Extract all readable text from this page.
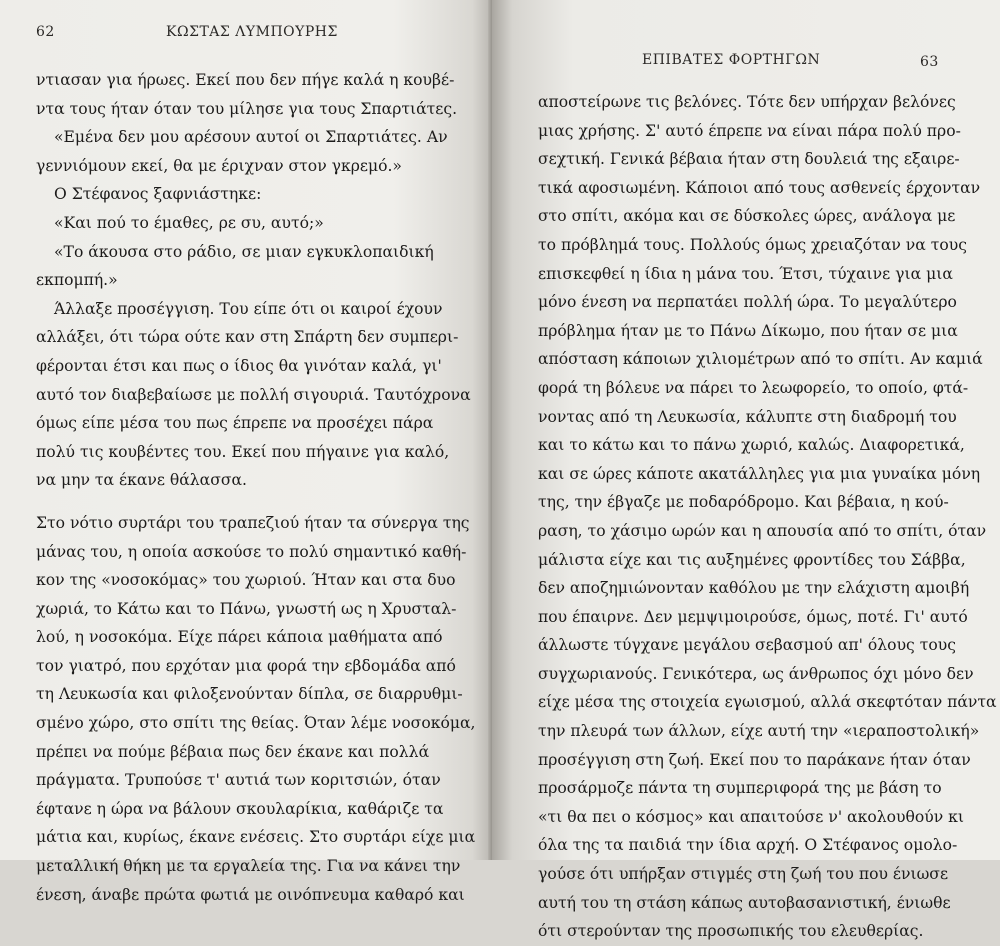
62	ΚΩΣΤΑΣ ΛΥΜΠΟΥΡΗΣ

ντιασαν για ήρωες. Εκεί που δεν πήγε καλά η κουβέ-

ντα τους ήταν όταν του μίλησε για τους Σπαρτιάτες.

«Εμένα δεν μου αρέσουν αυτοί οι Σπαρτιάτες. Αν

γεννιόμουν εκεί, θα με έριχναν στον γκρεμό.»

Ο Στέφανος ξαφνιάστηκε:

«Και πού το έμαθες, ρε συ, αυτό;»

«Το άκουσα στο ράδιο, σε μιαν εγκυκλοπαιδική

εκπομπή.»

Άλλαξε προσέγγιση. Του είπε ότι οι καιροί έχουν

αλλάξει, ότι τώρα ούτε καν στη Σπάρτη δεν συμπερι-

φέρονται έτσι και πως ο ίδιος θα γινόταν καλά, γι'

αυτό τον διαβεβαίωσε με πολλή σιγουριά. Ταυτόχρονα

όμως είπε μέσα του πως έπρεπε να προσέχει πάρα

πολύ τις κουβέντες του. Εκεί που πήγαινε για καλό,

να μην τα έκανε θάλασσα.

Στο νότιο συρτάρι του τραπεζιού ήταν τα σύνεργα της

μάνας του, η οποία ασκούσε το πολύ σημαντικό καθή-

κον της «νοσοκόμας» του χωριού. Ήταν και στα δυο

χωριά, το Κάτω και το Πάνω, γνωστή ως η Χρυσταλ-

λού, η νοσοκόμα. Είχε πάρει κάποια μαθήματα από

τον γιατρό, που ερχόταν μια φορά την εβδομάδα από

τη Λευκωσία και φιλοξενούνταν δίπλα, σε διαρρυθμι-

σμένο χώρο, στο σπίτι της θείας. Όταν λέμε νοσοκόμα,

πρέπει να πούμε βέβαια πως δεν έκανε και πολλά

πράγματα. Τρυπούσε τ' αυτιά των κοριτσιών, όταν

έφτανε η ώρα να βάλουν σκουλαρίκια, καθάριζε τα

μάτια και, κυρίως, έκανε ενέσεις. Στο συρτάρι είχε μια

μεταλλική θήκη με τα εργαλεία της. Για να κάνει την

ένεση, άναβε πρώτα φωτιά με οινόπνευμα καθαρό και

ΕΠΙΒΑΤΕΣ ΦΟΡΤΗΓΩΝ	63

αποστείρωνε τις βελόνες. Τότε δεν υπήρχαν βελόνες

μιας χρήσης. Σ' αυτό έπρεπε να είναι πάρα πολύ προ-

σεχτική. Γενικά βέβαια ήταν στη δουλειά της εξαιρε-

τικά αφοσιωμένη. Κάποιοι από τους ασθενείς έρχονταν

στο σπίτι, ακόμα και σε δύσκολες ώρες, ανάλογα με

το πρόβλημά τους. Πολλούς όμως χρειαζόταν να τους

επισκεφθεί η ίδια η μάνα του. Έτσι, τύχαινε για μια

μόνο ένεση να περπατάει πολλή ώρα. Το μεγαλύτερο

πρόβλημα ήταν με το Πάνω Δίκωμο, που ήταν σε μια

απόσταση κάποιων χιλιομέτρων από το σπίτι. Αν καμιά

φορά τη βόλευε να πάρει το λεωφορείο, το οποίο, φτά-

νοντας από τη Λευκωσία, κάλυπτε στη διαδρομή του

και το κάτω και το πάνω χωριό, καλώς. Διαφορετικά,

και σε ώρες κάποτε ακατάλληλες για μια γυναίκα μόνη

της, την έβγαζε με ποδαρόδρομο. Και βέβαια, η κού-

ραση, το χάσιμο ωρών και η απουσία από το σπίτι, όταν

μάλιστα είχε και τις αυξημένες φροντίδες του Σάββα,

δεν αποζημιώνονταν καθόλου με την ελάχιστη αμοιβή

που έπαιρνε. Δεν μεμψιμοιρούσε, όμως, ποτέ. Γι' αυτό

άλλωστε τύγχανε μεγάλου σεβασμού απ' όλους τους

συγχωριανούς. Γενικότερα, ως άνθρωπος όχι μόνο δεν

είχε μέσα της στοιχεία εγωισμού, αλλά σκεφτόταν πάντα

την πλευρά των άλλων, είχε αυτή την «ιεραποστολική»

προσέγγιση στη ζωή. Εκεί που το παράκανε ήταν όταν

προσάρμοζε πάντα τη συμπεριφορά της με βάση το

«τι θα πει ο κόσμος» και απαιτούσε ν' ακολουθούν κι

όλα της τα παιδιά την ίδια αρχή. Ο Στέφανος ομολο-

γούσε ότι υπήρξαν στιγμές στη ζωή του που ένιωσε

αυτή του τη στάση κάπως αυτοβασανιστική, ένιωθε

ότι στερούνταν της προσωπικής του ελευθερίας.
